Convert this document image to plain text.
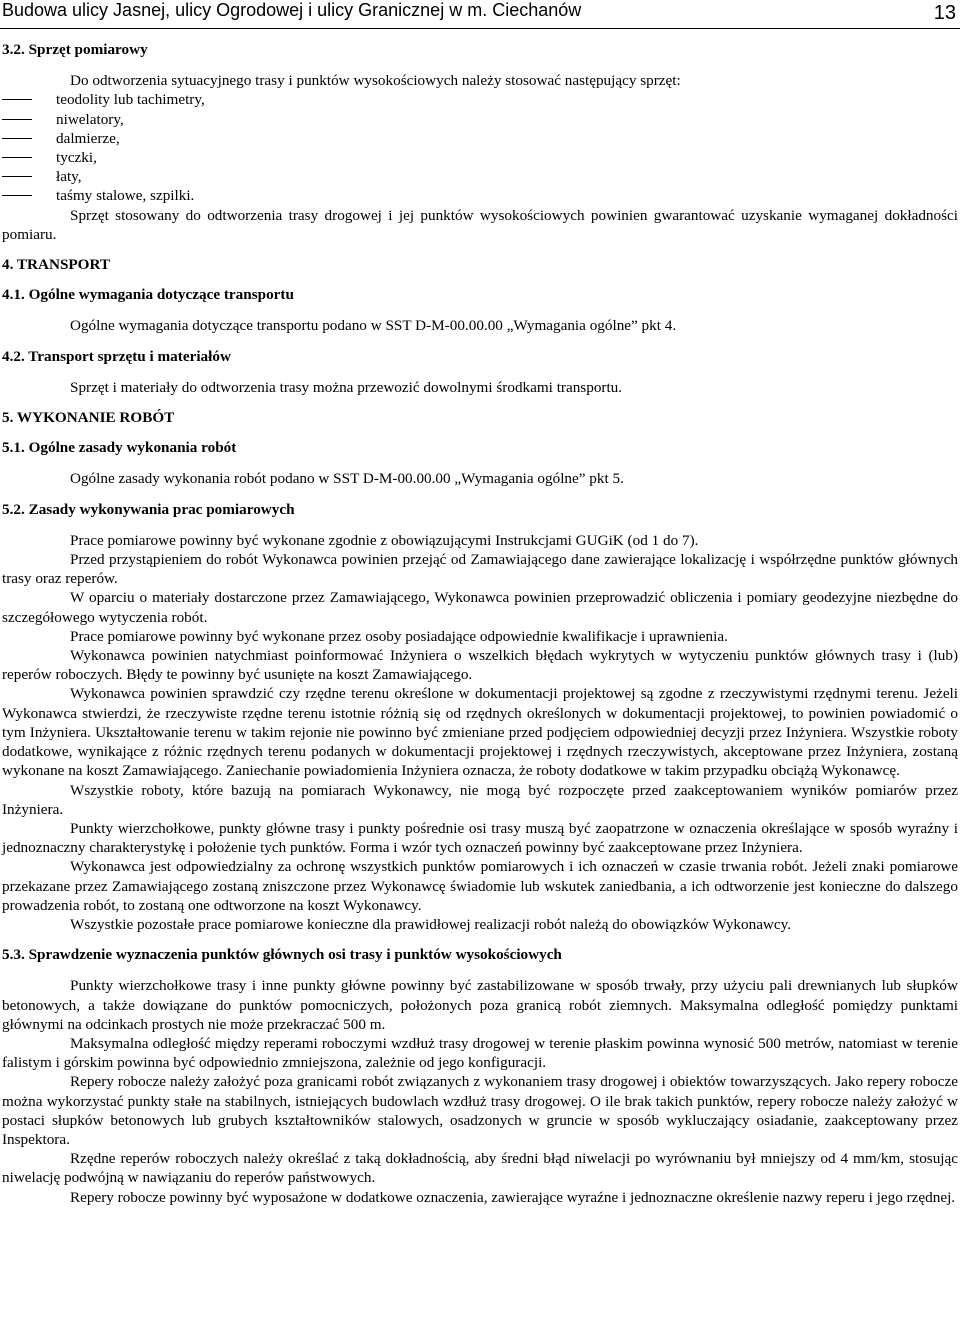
Budowa ulicy Jasnej, ulicy Ogrodowej i ulicy Granicznej w m. Ciechanów	13

3.2. Sprzęt pomiarowy

Do odtworzenia sytuacyjnego trasy i punktów wysokościowych należy stosować następujący sprzęt:

teodolity lub tachimetry,

niwelatory,

dalmierze,

tyczki,

łaty,

taśmy stalowe, szpilki.

Sprzęt stosowany do odtworzenia trasy drogowej i jej punktów wysokościowych powinien gwarantować uzyskanie wymaganej dokładności pomiaru.

4. TRANSPORT

4.1. Ogólne wymagania dotyczące transportu

Ogólne wymagania dotyczące transportu podano w SST D-M-00.00.00 „Wymagania ogólne” pkt 4.

4.2. Transport sprzętu i materiałów

Sprzęt i materiały do odtworzenia trasy można przewozić dowolnymi środkami transportu.

5. WYKONANIE ROBÓT

5.1. Ogólne zasady wykonania robót

Ogólne zasady wykonania robót podano w SST D-M-00.00.00 „Wymagania ogólne” pkt 5.

5.2. Zasady wykonywania prac pomiarowych

Prace pomiarowe powinny być wykonane zgodnie z obowiązującymi Instrukcjami GUGiK (od 1 do 7).

Przed przystąpieniem do robót Wykonawca powinien przejąć od Zamawiającego dane zawierające lokalizację i współrzędne punktów głównych trasy oraz reperów.

W oparciu o materiały dostarczone przez Zamawiającego, Wykonawca powinien przeprowadzić obliczenia i pomiary geodezyjne niezbędne do szczegółowego wytyczenia robót.

Prace pomiarowe powinny być wykonane przez osoby posiadające odpowiednie kwalifikacje i uprawnienia.

Wykonawca powinien natychmiast poinformować Inżyniera o wszelkich błędach wykrytych w wytyczeniu punktów głównych trasy i (lub) reperów roboczych. Błędy te powinny być usunięte na koszt Zamawiającego.

Wykonawca powinien sprawdzić czy rzędne terenu określone w dokumentacji projektowej są zgodne z rzeczywistymi rzędnymi terenu. Jeżeli Wykonawca stwierdzi, że rzeczywiste rzędne terenu istotnie różnią się od rzędnych określonych w dokumentacji projektowej, to powinien powiadomić o tym Inżyniera. Ukształtowanie terenu w takim rejonie nie powinno być zmieniane przed podjęciem odpowiedniej decyzji przez Inżyniera. Wszystkie roboty dodatkowe, wynikające z różnic rzędnych terenu podanych w dokumentacji projektowej i rzędnych rzeczywistych, akceptowane przez Inżyniera, zostaną wykonane na koszt Zamawiającego. Zaniechanie powiadomienia Inżyniera oznacza, że roboty dodatkowe w takim przypadku obciążą Wykonawcę.

Wszystkie roboty, które bazują na pomiarach Wykonawcy, nie mogą być rozpoczęte przed zaakceptowaniem wyników pomiarów przez Inżyniera.

Punkty wierzchołkowe, punkty główne trasy i punkty pośrednie osi trasy muszą być zaopatrzone w oznaczenia określające w sposób wyraźny i jednoznaczny charakterystykę i położenie tych punktów. Forma i wzór tych oznaczeń powinny być zaakceptowane przez Inżyniera.

Wykonawca jest odpowiedzialny za ochronę wszystkich punktów pomiarowych i ich oznaczeń w czasie trwania robót. Jeżeli znaki pomiarowe przekazane przez Zamawiającego zostaną zniszczone przez Wykonawcę świadomie lub wskutek zaniedbania, a ich odtworzenie jest konieczne do dalszego prowadzenia robót, to zostaną one odtworzone na koszt Wykonawcy.

Wszystkie pozostałe prace pomiarowe konieczne dla prawidłowej realizacji robót należą do obowiązków Wykonawcy.

5.3. Sprawdzenie wyznaczenia punktów głównych osi trasy i punktów wysokościowych

Punkty wierzchołkowe trasy i inne punkty główne powinny być zastabilizowane w sposób trwały, przy użyciu pali drewnianych lub słupków betonowych, a także dowiązane do punktów pomocniczych, położonych poza granicą robót ziemnych. Maksymalna odległość pomiędzy punktami głównymi na odcinkach prostych nie może przekraczać 500 m.

Maksymalna odległość między reperami roboczymi wzdłuż trasy drogowej w terenie płaskim powinna wynosić 500 metrów, natomiast w terenie falistym i górskim powinna być odpowiednio zmniejszona, zależnie od jego konfiguracji.

Repery robocze należy założyć poza granicami robót związanych z wykonaniem trasy drogowej i obiektów towarzyszących. Jako repery robocze można wykorzystać punkty stałe na stabilnych, istniejących budowlach wzdłuż trasy drogowej. O ile brak takich punktów, repery robocze należy założyć w postaci słupków betonowych lub grubych kształtowników stalowych, osadzonych w gruncie w sposób wykluczający osiadanie, zaakceptowany przez Inspektora.

Rzędne reperów roboczych należy określać z taką dokładnością, aby średni błąd niwelacji po wyrównaniu był mniejszy od 4 mm/km, stosując niwelację podwójną w nawiązaniu do reperów państwowych.

Repery robocze powinny być wyposażone w dodatkowe oznaczenia, zawierające wyraźne i jednoznaczne określenie nazwy reperu i jego rzędnej.
